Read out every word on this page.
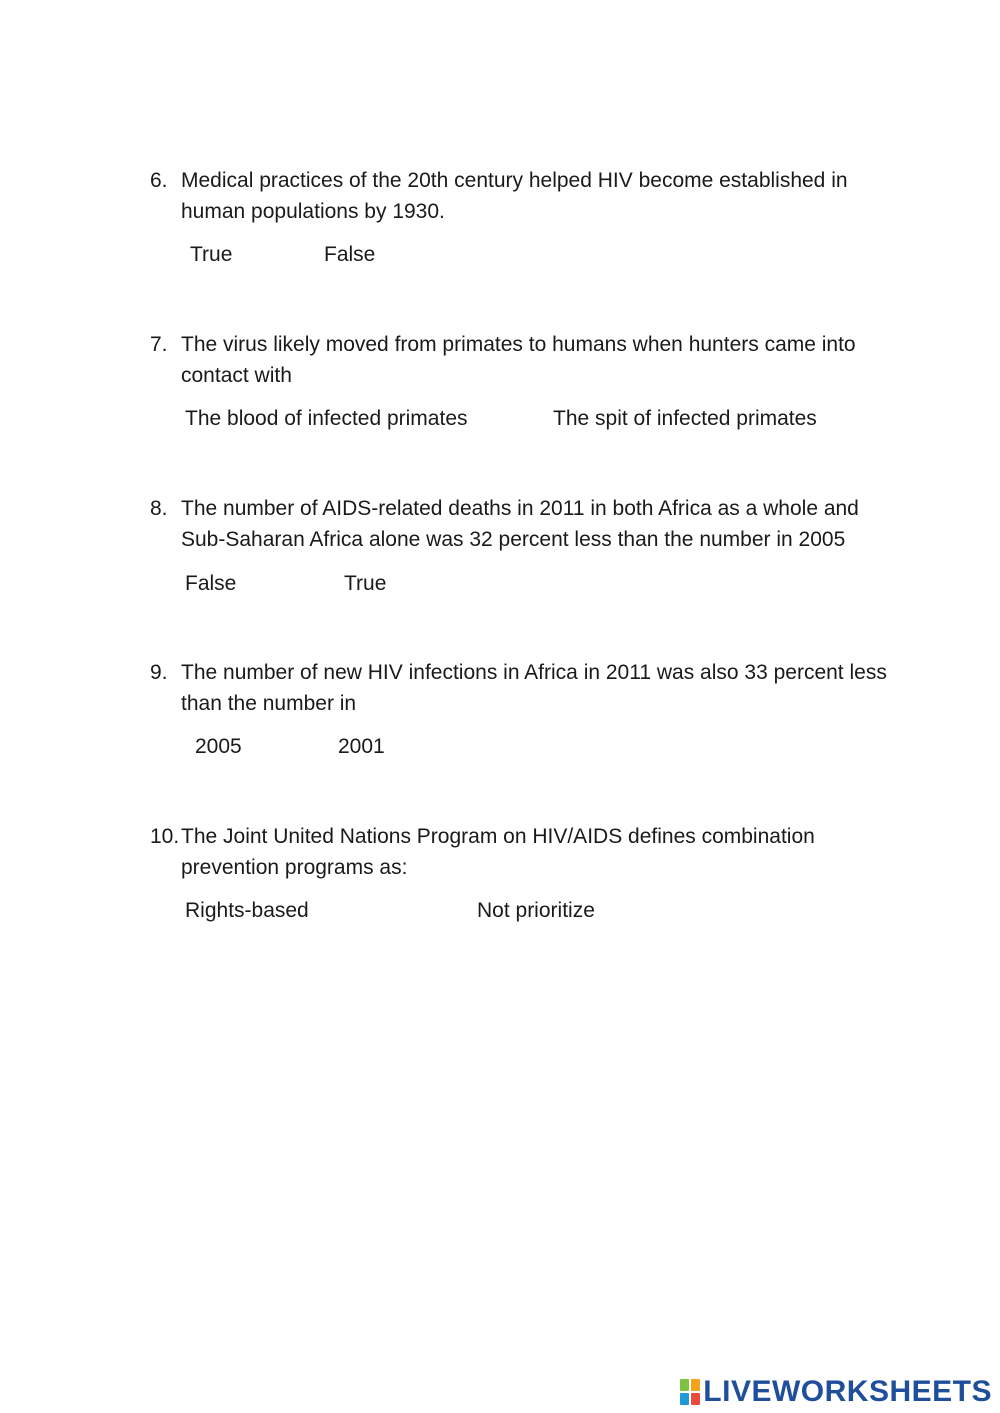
6. Medical practices of the 20th century helped HIV become established in human populations by 1930.
True	False
7. The virus likely moved from primates to humans when hunters came into contact with
The blood of infected primates	The spit of infected primates
8. The number of AIDS-related deaths in 2011 in both Africa as a whole and Sub-Saharan Africa alone was 32 percent less than the number in 2005
False	True
9. The number of new HIV infections in Africa in 2011 was also 33 percent less than the number in
2005	2001
10. The Joint United Nations Program on HIV/AIDS defines combination prevention programs as:
Rights-based	Not prioritize
LIVEWORKSHEETS
